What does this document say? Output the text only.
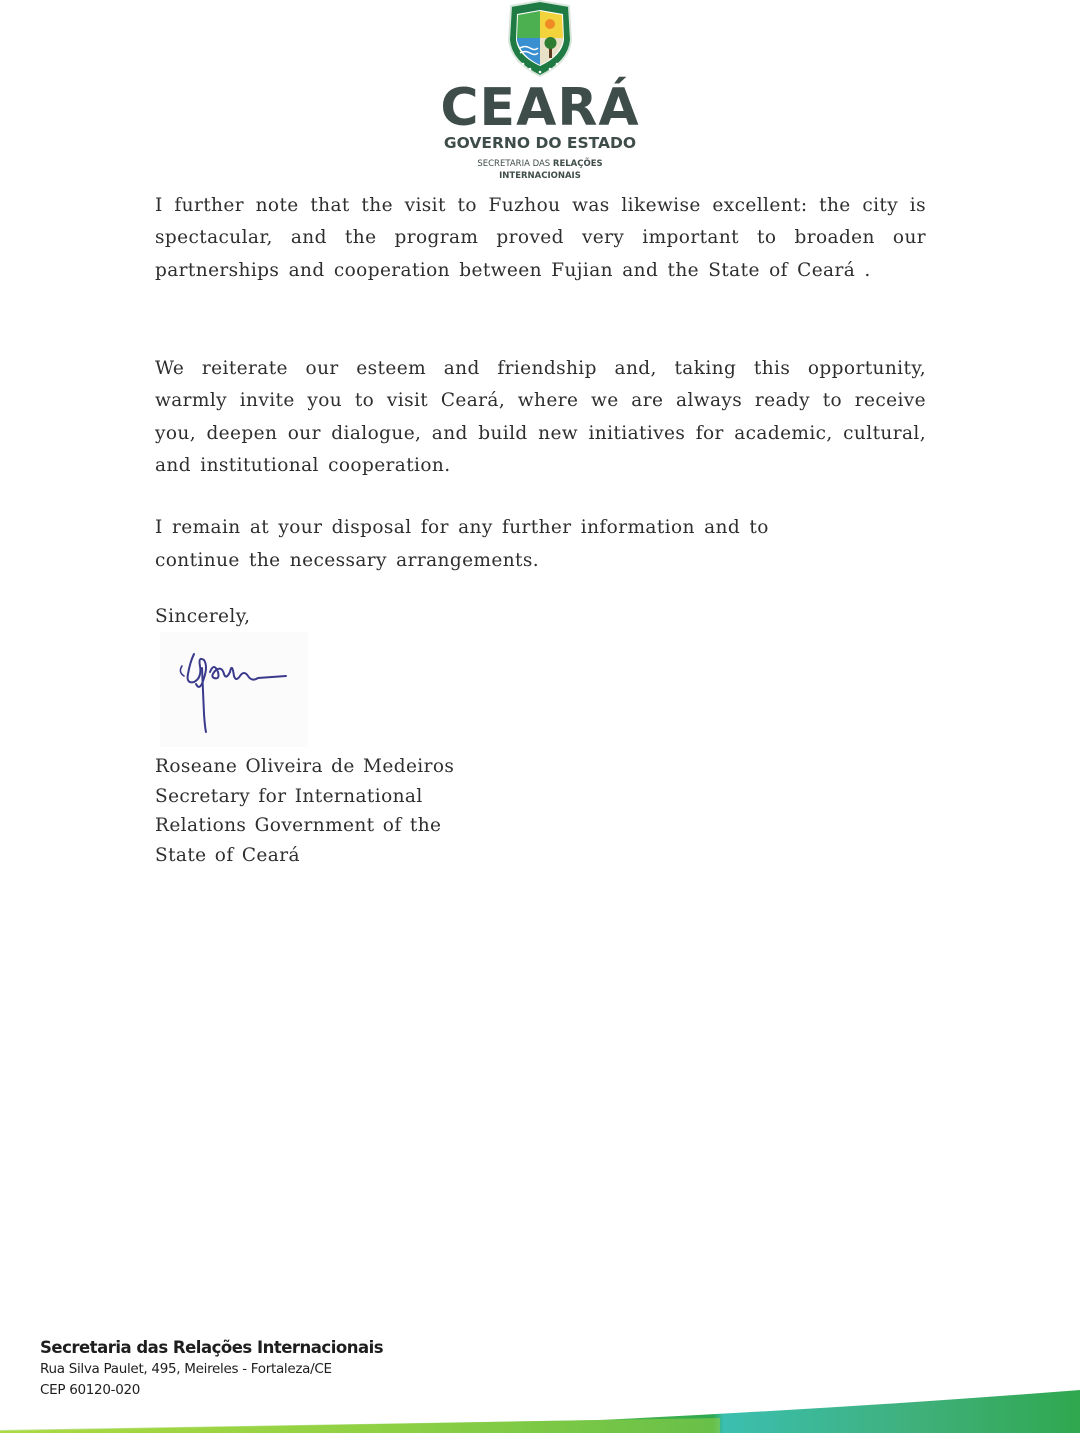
CEARÁ
GOVERNO DO ESTADO
SECRETARIA DAS RELAÇÕES
INTERNACIONAIS

I further note that the visit to Fuzhou was likewise excellent: the city is spectacular, and the program proved very important to broaden our partnerships and cooperation between Fujian and the State of Ceará .

We reiterate our esteem and friendship and, taking this opportunity, warmly invite you to visit Ceará, where we are always ready to receive you, deepen our dialogue, and build new initiatives for academic, cultural, and institutional cooperation.

I remain at your disposal for any further information and to continue the necessary arrangements.

Sincerely,
Roseane Oliveira de Medeiros
Secretary for International
Relations Government of the
State of Ceará
Secretaria das Relações Internacionais
Rua Silva Paulet, 495, Meireles - Fortaleza/CE
CEP 60120-020
